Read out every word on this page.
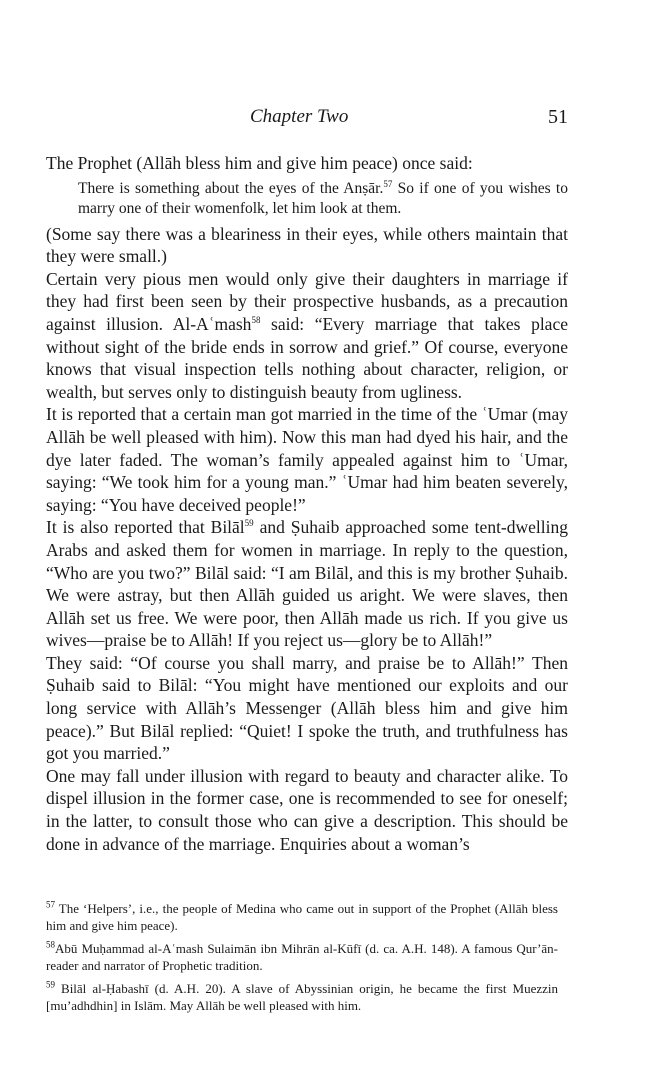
Chapter Two	51

The Prophet (Allāh bless him and give him peace) once said:

There is something about the eyes of the Anṣār.$^{57}$ So if one of you wishes to marry one of their womenfolk, let him look at them.

(Some say there was a bleariness in their eyes, while others maintain that they were small.)

Certain very pious men would only give their daughters in marriage if they had first been seen by their prospective husbands, as a precaution against illusion. Al-Aʿmash$^{58}$ said: “Every marriage that takes place without sight of the bride ends in sorrow and grief.” Of course, everyone knows that visual inspection tells nothing about character, religion, or wealth, but serves only to distinguish beauty from ugliness.

It is reported that a certain man got married in the time of the ʿUmar (may Allāh be well pleased with him). Now this man had dyed his hair, and the dye later faded. The woman’s family appealed against him to ʿUmar, saying: “We took him for a young man.” ʿUmar had him beaten severely, saying: “You have deceived people!”

It is also reported that Bilāl$^{59}$ and Ṣuhaib approached some tent-dwelling Arabs and asked them for women in marriage. In reply to the question, “Who are you two?” Bilāl said: “I am Bilāl, and this is my brother Ṣuhaib. We were astray, but then Allāh guided us aright. We were slaves, then Allāh set us free. We were poor, then Allāh made us rich. If you give us wives—praise be to Allāh! If you reject us—glory be to Allāh!”

They said: “Of course you shall marry, and praise be to Allāh!” Then Ṣuhaib said to Bilāl: “You might have mentioned our exploits and our long service with Allāh’s Messenger (Allāh bless him and give him peace).” But Bilāl replied: “Quiet! I spoke the truth, and truthfulness has got you married.”

One may fall under illusion with regard to beauty and character alike. To dispel illusion in the former case, one is recommended to see for oneself; in the latter, to consult those who can give a description. This should be done in advance of the marriage. Enquiries about a woman’s

$^{57}$ The ‘Helpers’, i.e., the people of Medina who came out in support of the Prophet (Allāh bless him and give him peace).

$^{58}$Abū Muḥammad al-Aʿmash Sulaimān ibn Mihrān al-Kūfī (d. ca. A.H. 148). A famous Qur’ān-reader and narrator of Prophetic tradition.

$^{59}$ Bilāl al-Ḥabashī (d. A.H. 20). A slave of Abyssinian origin, he became the first Muezzin [mu’adhdhin] in Islām. May Allāh be well pleased with him.
